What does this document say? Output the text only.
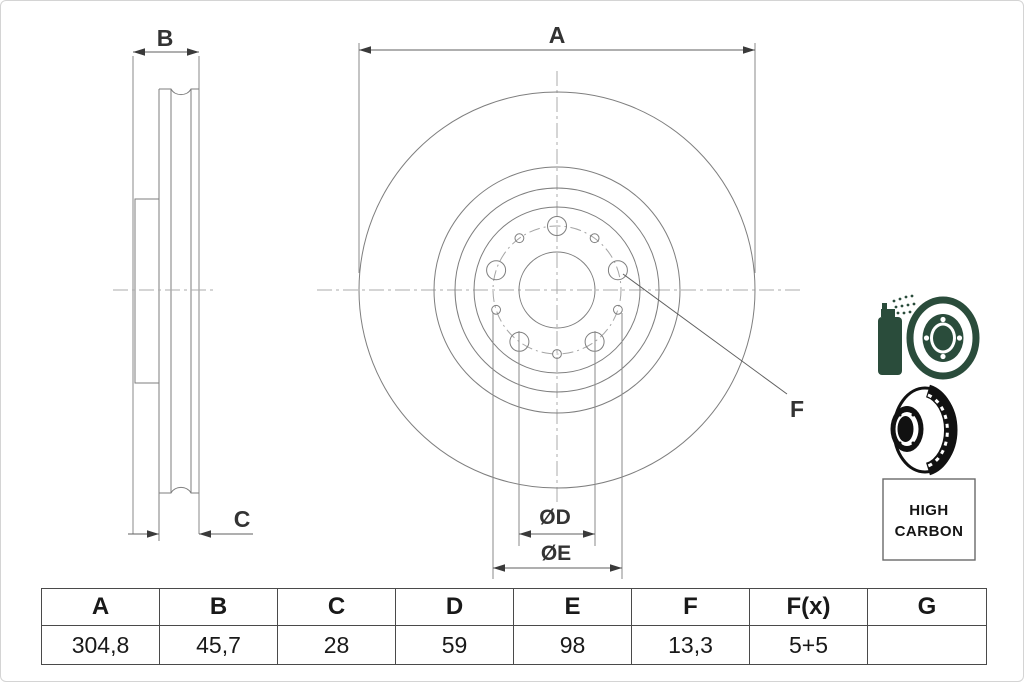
B
C
A
ØD
ØE
F
HIGH
CARBON
A	B	C	D	E	F	F(x)	G
304,8	45,7	28	59	98	13,3	5+5
